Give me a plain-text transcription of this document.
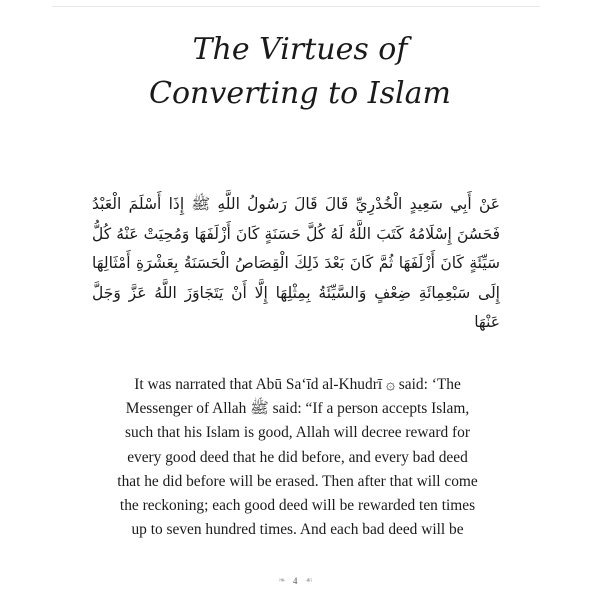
The Virtues of
Converting to Islam

عَنْ أَبِي سَعِيدٍ الْخُدْرِيِّ قَالَ قَالَ رَسُولُ اللَّهِ ﷺ إِذَا أَسْلَمَ الْعَبْدُ فَحَسُنَ إِسْلَامُهُ كَتَبَ اللَّهُ لَهُ كُلَّ حَسَنَةٍ كَانَ أَزْلَفَهَا وَمُحِيَتْ عَنْهُ كُلُّ سَيِّئَةٍ كَانَ أَزْلَفَهَا ثُمَّ كَانَ بَعْدَ ذَلِكَ الْقِصَاصُ الْحَسَنَةُ بِعَشْرَةِ أَمْثَالِهَا إِلَى سَبْعِمِائَةِ ضِعْفٍ وَالسَّيِّئَةُ بِمِثْلِهَا إِلَّا أَنْ يَتَجَاوَزَ اللَّهُ عَزَّ وَجَلَّ عَنْهَا

It was narrated that Abū Sa‘īd al-Khudrī ۞ said: ‘The
Messenger of Allah ﷺ said: “If a person accepts Islam,
such that his Islam is good, Allah will decree reward for
every good deed that he did before, and every bad deed
that he did before will be erased. Then after that will come
the reckoning; each good deed will be rewarded ten times
up to seven hundred times. And each bad deed will be

❧ 4 ☙
